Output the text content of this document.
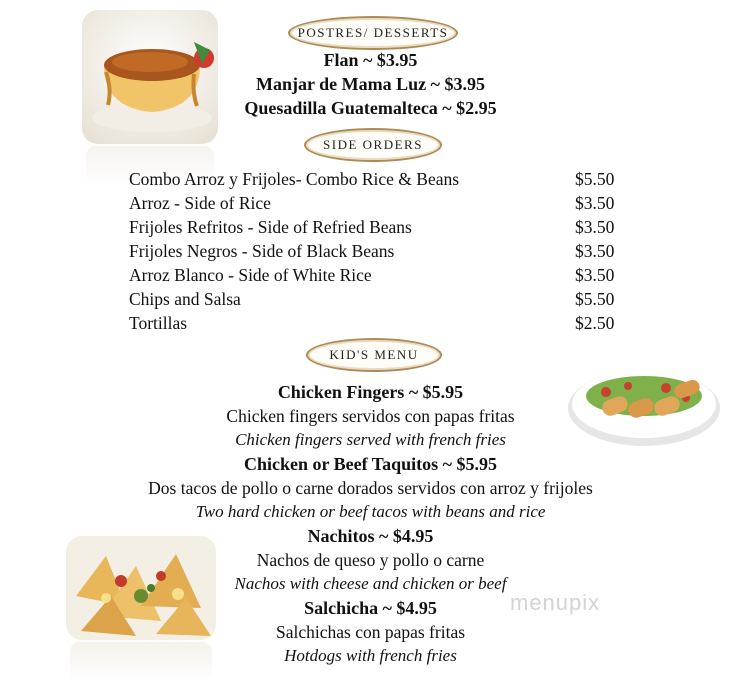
POSTRES/ DESSERTS
Flan ~ $3.95
Manjar de Mama Luz ~ $3.95
Quesadilla Guatemalteca ~ $2.95
SIDE ORDERS
Combo Arroz y Frijoles- Combo Rice & Beans	$5.50
Arroz - Side of Rice	$3.50
Frijoles Refritos - Side of Refried Beans	$3.50
Frijoles Negros - Side of Black Beans	$3.50
Arroz Blanco - Side of White Rice	$3.50
Chips and Salsa	$5.50
Tortillas	$2.50
KID'S MENU
Chicken Fingers ~ $5.95
Chicken fingers servidos con papas fritas
Chicken fingers served with french fries
Chicken or Beef Taquitos ~ $5.95
Dos tacos de pollo o carne dorados servidos con arroz y frijoles
Two hard chicken or beef tacos with beans and rice
Nachitos ~ $4.95
Nachos de queso y pollo o carne
Nachos with cheese and chicken or beef
Salchicha ~ $4.95
Salchichas con papas fritas
Hotdogs with french fries
menupix
